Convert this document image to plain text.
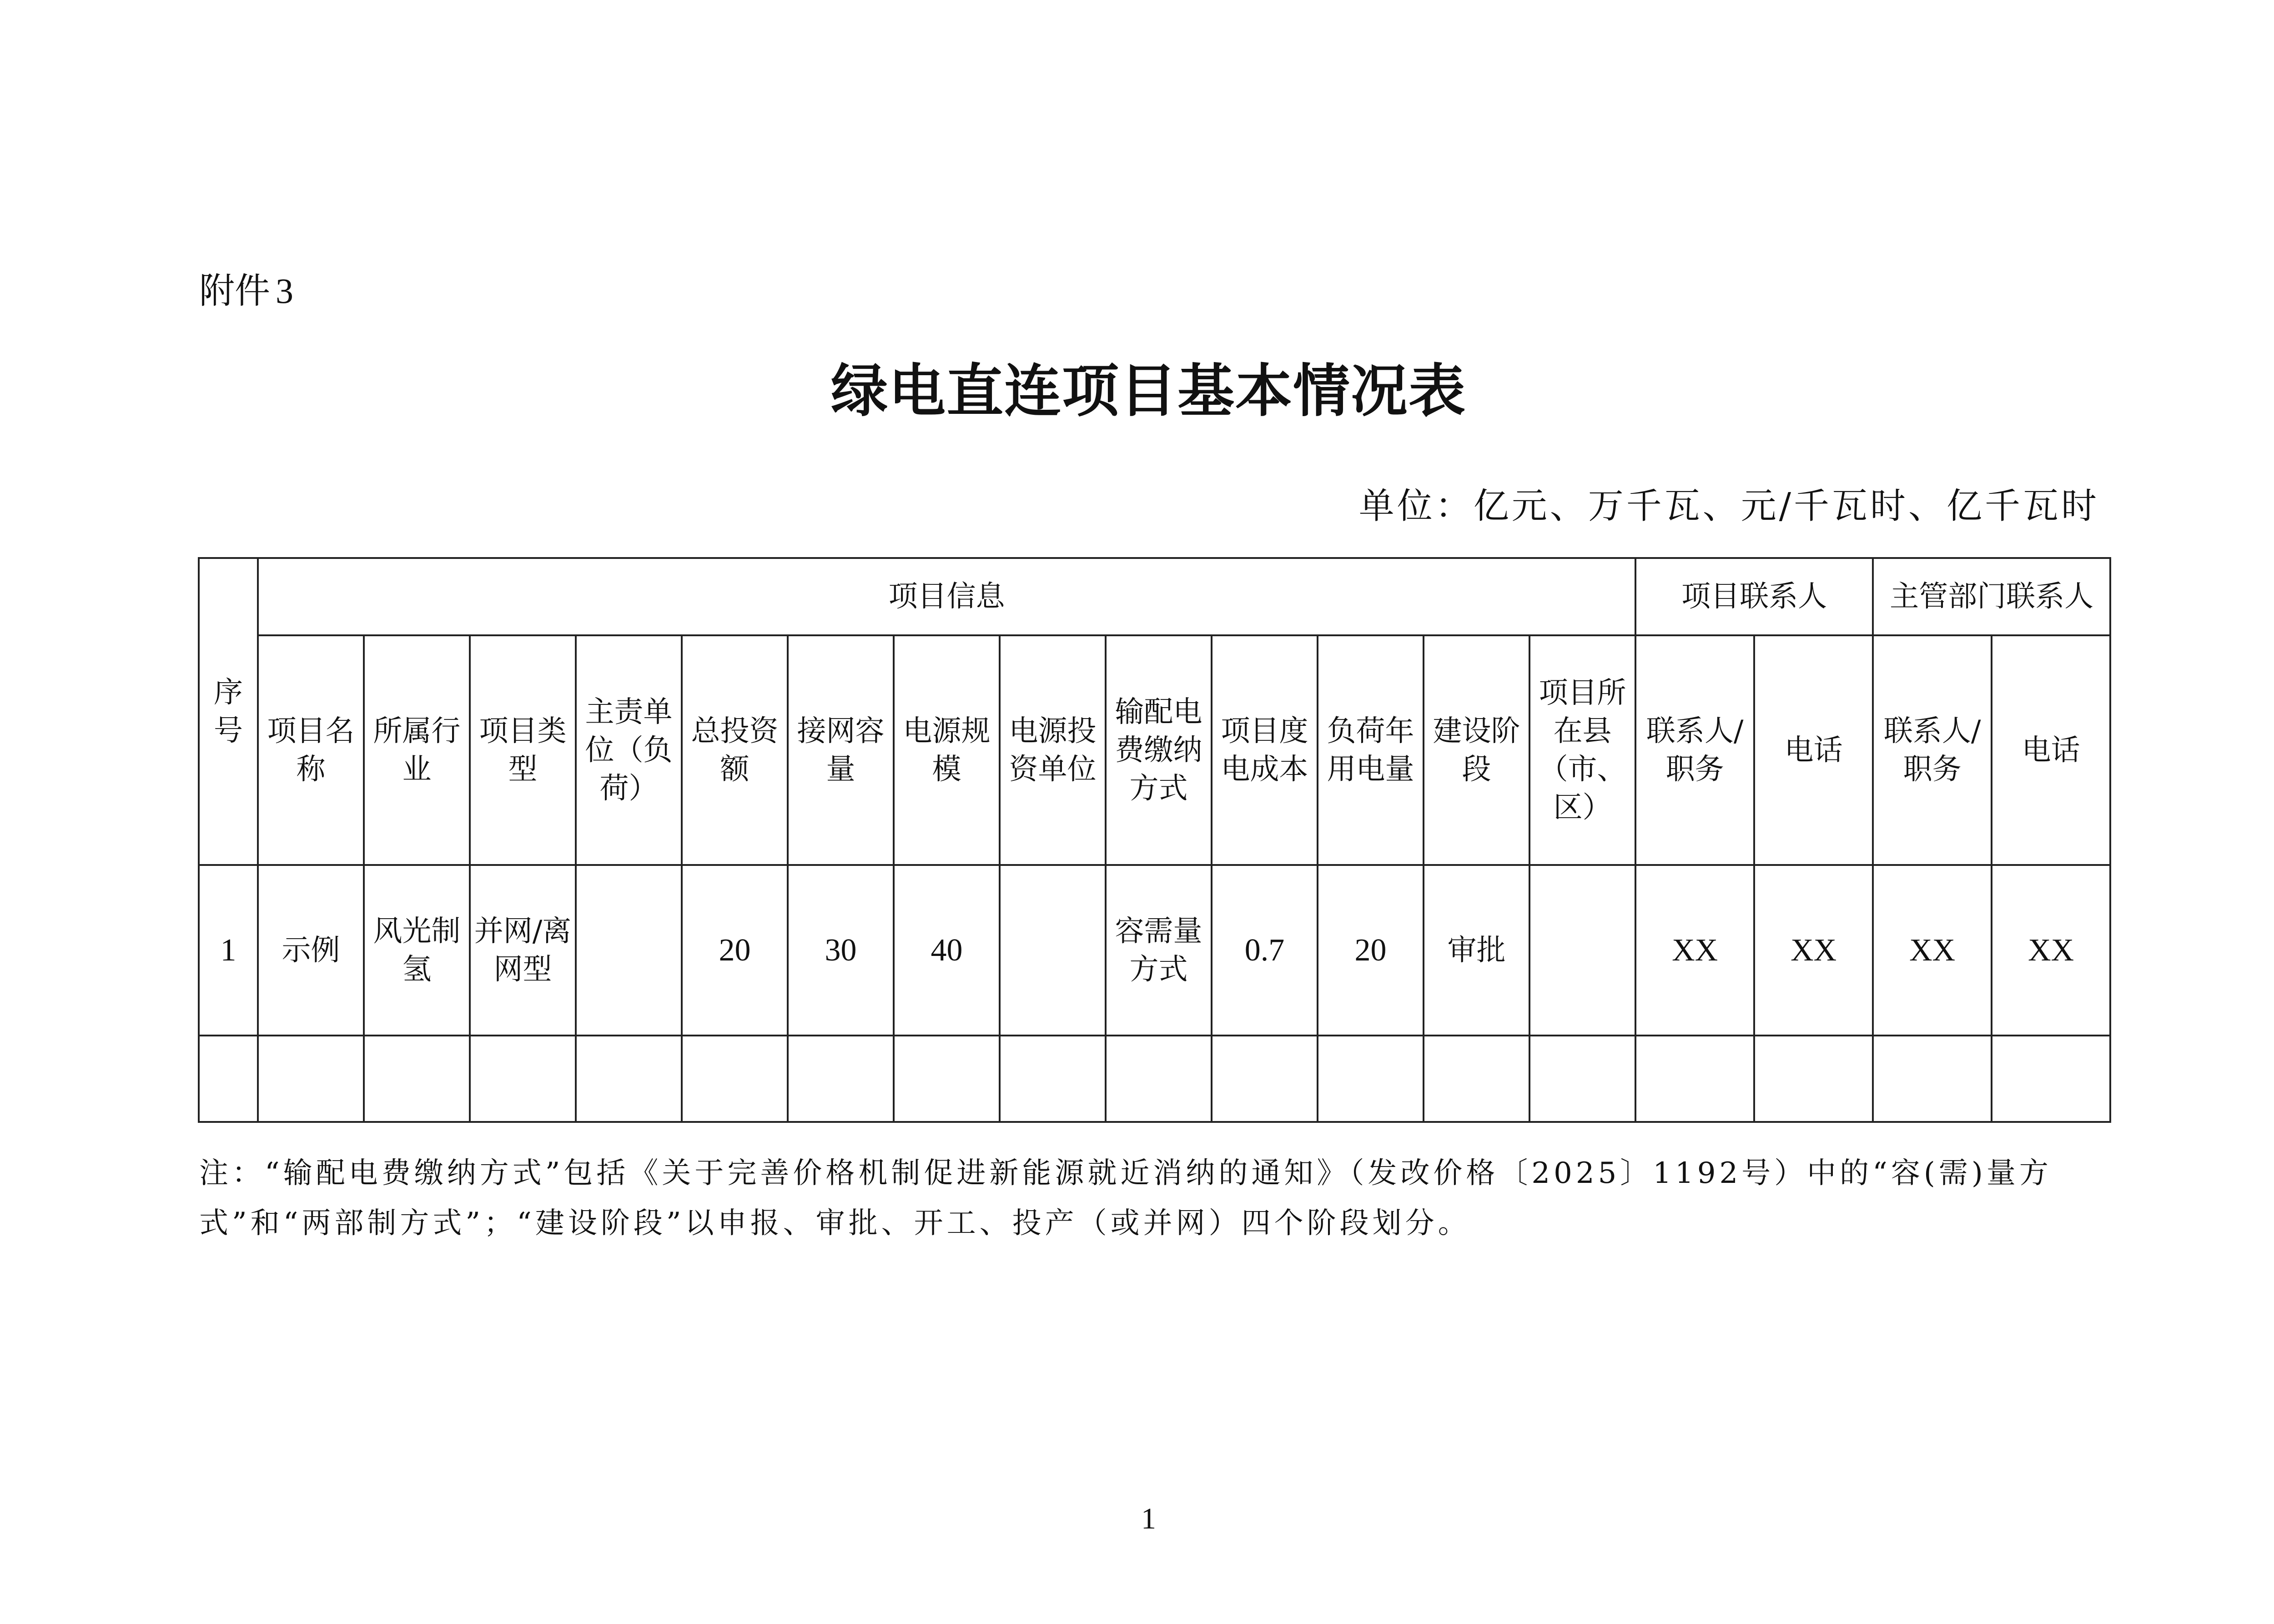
附件 3
绿电直连项目基本情况表
单位：亿元、万千瓦、元/千瓦时、亿千瓦时
序号	项目信息													项目联系人		主管部门联系人	
	项目名称	所属行业	项目类型	主责单位（负荷）	总投资额	接网容量	电源规模	电源投资单位	输配电费缴纳方式	项目度电成本	负荷年用电量	建设阶段	项目所在县（市、区）	联系人/职务	电话	联系人/职务	电话
1	示例	风光制氢	并网/离网型		20	30	40		容需量方式	0.7	20	审批		XX	XX	XX	XX

注：“输配电费缴纳方式”包括《关于完善价格机制促进新能源就近消纳的通知》（发改价格〔2025〕1192号）中的“容(需)量方式”和“两部制方式”；“建设阶段”以申报、审批、开工、投产（或并网）四个阶段划分。
1
